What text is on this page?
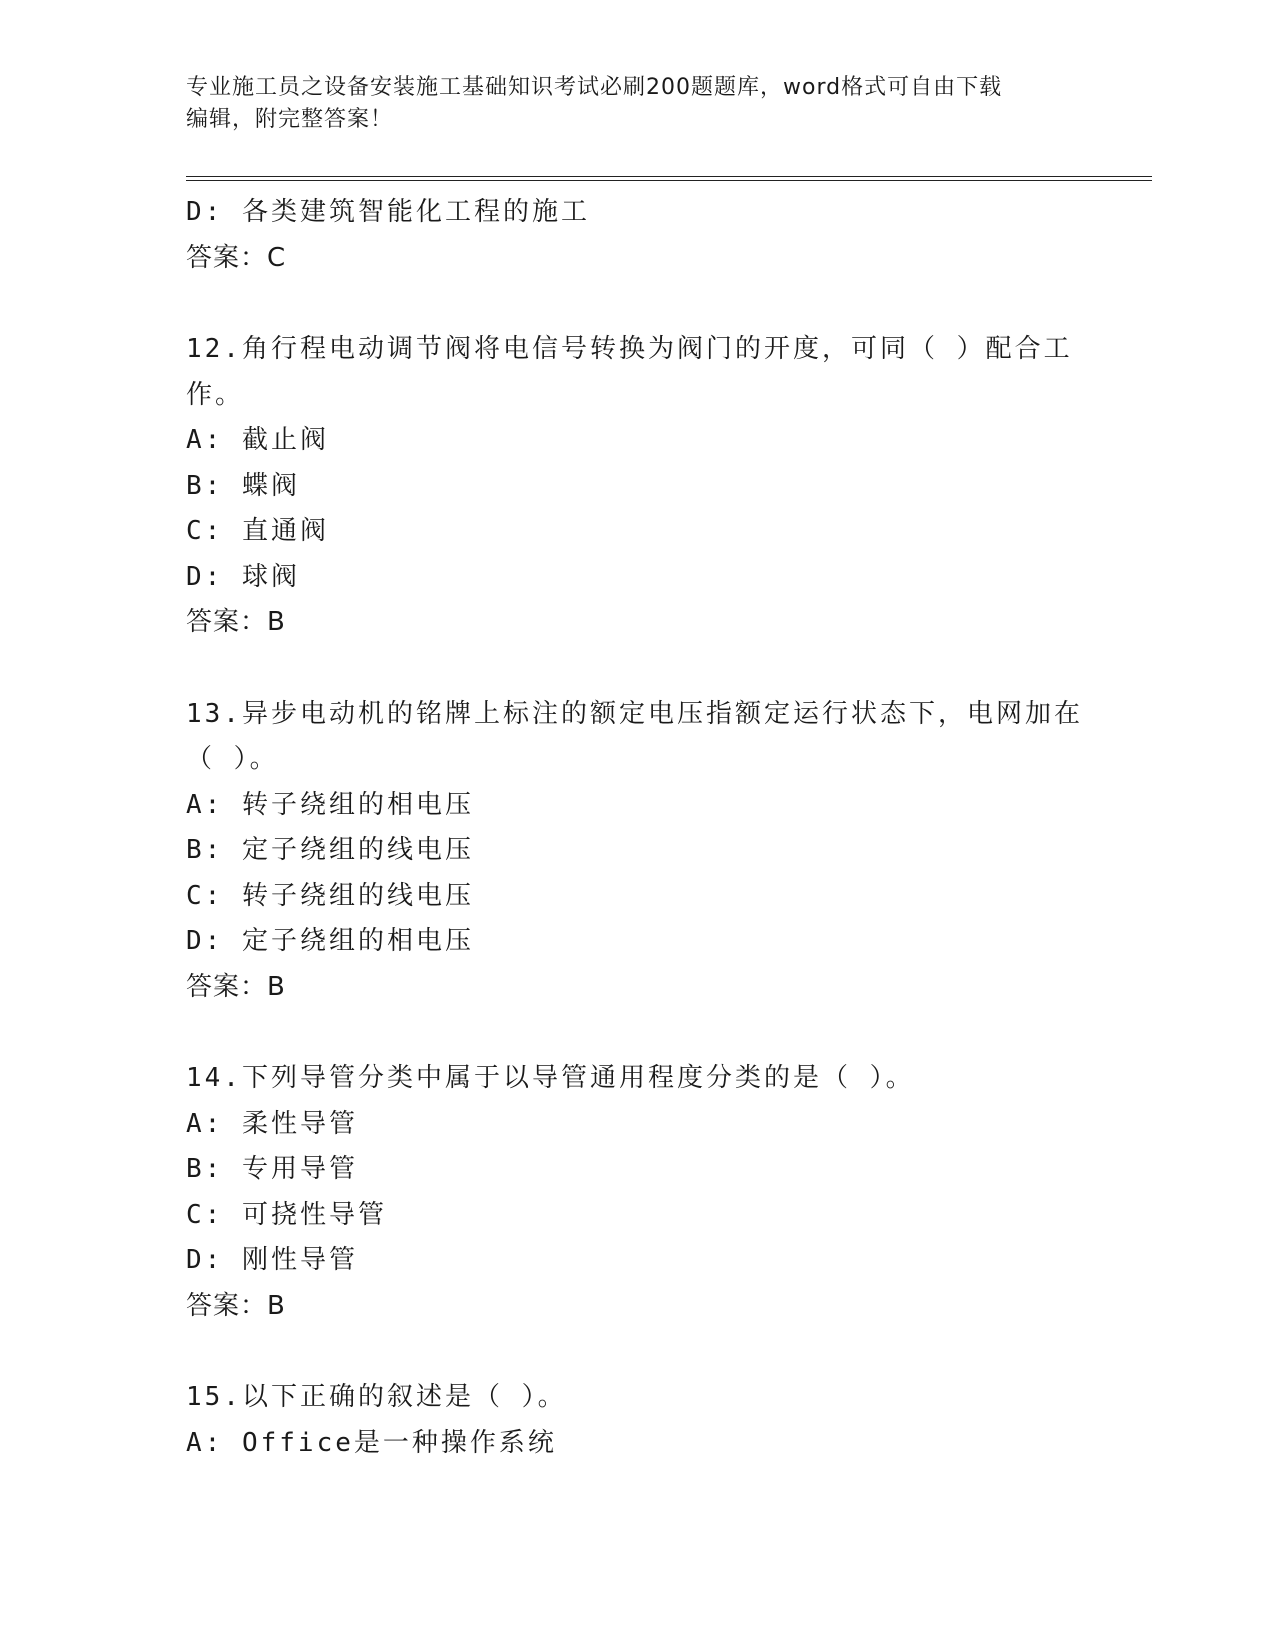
专业施工员之设备安装施工基础知识考试必刷200题题库，word格式可自由下载
编辑，附完整答案！
D: 各类建筑智能化工程的施工
答案：C
12.角行程电动调节阀将电信号转换为阀门的开度，可同（ ）配合工
作。
A: 截止阀
B: 蝶阀
C: 直通阀
D: 球阀
答案：B
13.异步电动机的铭牌上标注的额定电压指额定运行状态下，电网加在
（ ）。
A: 转子绕组的相电压
B: 定子绕组的线电压
C: 转子绕组的线电压
D: 定子绕组的相电压
答案：B
14.下列导管分类中属于以导管通用程度分类的是（ ）。
A: 柔性导管
B: 专用导管
C: 可挠性导管
D: 刚性导管
答案：B
15.以下正确的叙述是（ ）。
A: Office是一种操作系统
